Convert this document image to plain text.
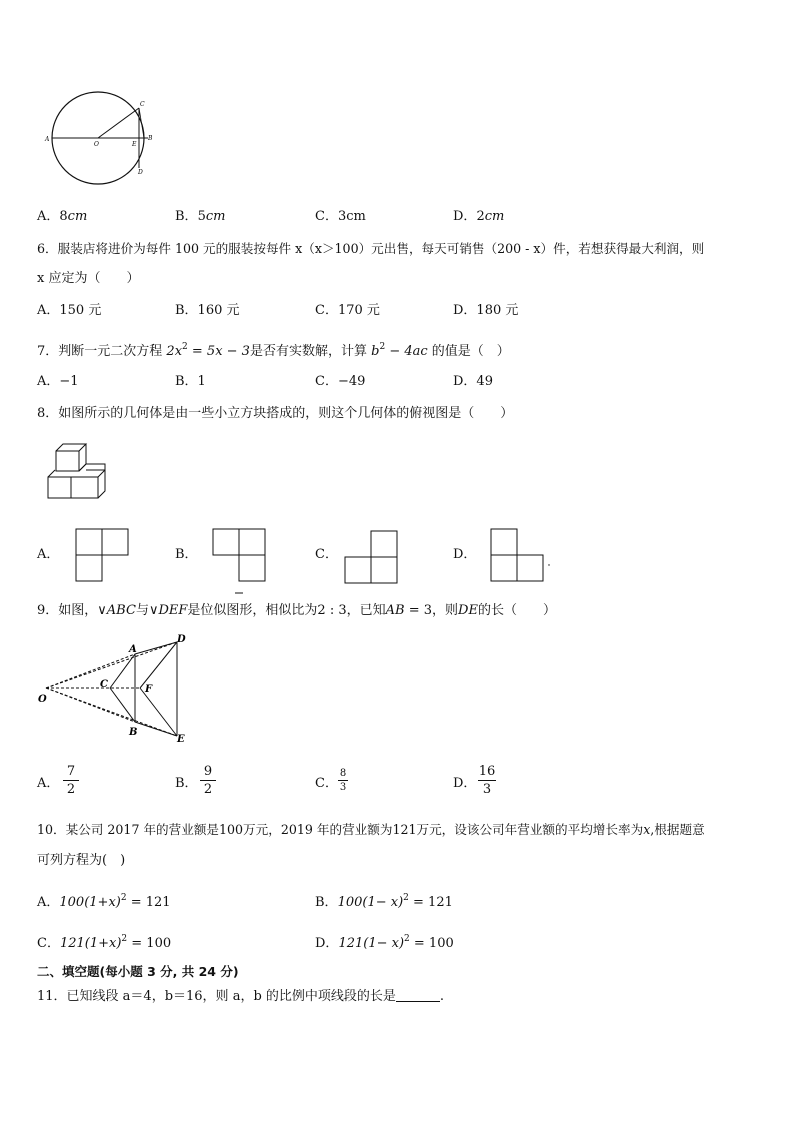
A
O
C
E
B
D
A．8cm	B．5cm	C．3cm	D．2cm
6．服装店将进价为每件 100 元的服装按每件 x（x＞100）元出售，每天可销售（200 - x）件，若想获得最大利润，则
x 应定为（　　）
A．150 元	B．160 元	C．170 元	D．180 元
7．判断一元二次方程 $2x^2 = 5x - 3$是否有实数解，计算 $b^2 - 4ac$ 的值是（　）
A．−1	B．1	C．−49	D．49
8．如图所示的几何体是由一些小立方块搭成的，则这个几何体的俯视图是（　　）
A．	B．	C．	D．
9．如图，∨ABC与∨DEF是位似图形，相似比为2 : 3，已知AB = 3，则DE的长（　　）
O
A
B
C
D
E
F
A．
7
2	B．
9
2	C．
8
3	D．
16
3
10．某公司 2017 年的营业额是100万元，2019 年的营业额为121万元，设该公司年营业额的平均增长率为x,根据题意
可列方程为(　)
A．$100(1+x)^2 = 121$	B．$100(1- x)^2 = 121$
C．$121(1+x)^2 = 100$	D．$121(1- x)^2 = 100$
二、填空题(每小题 3 分, 共 24 分)
11．已知线段 a＝4，b＝16，则 a，b 的比例中项线段的长是	.
